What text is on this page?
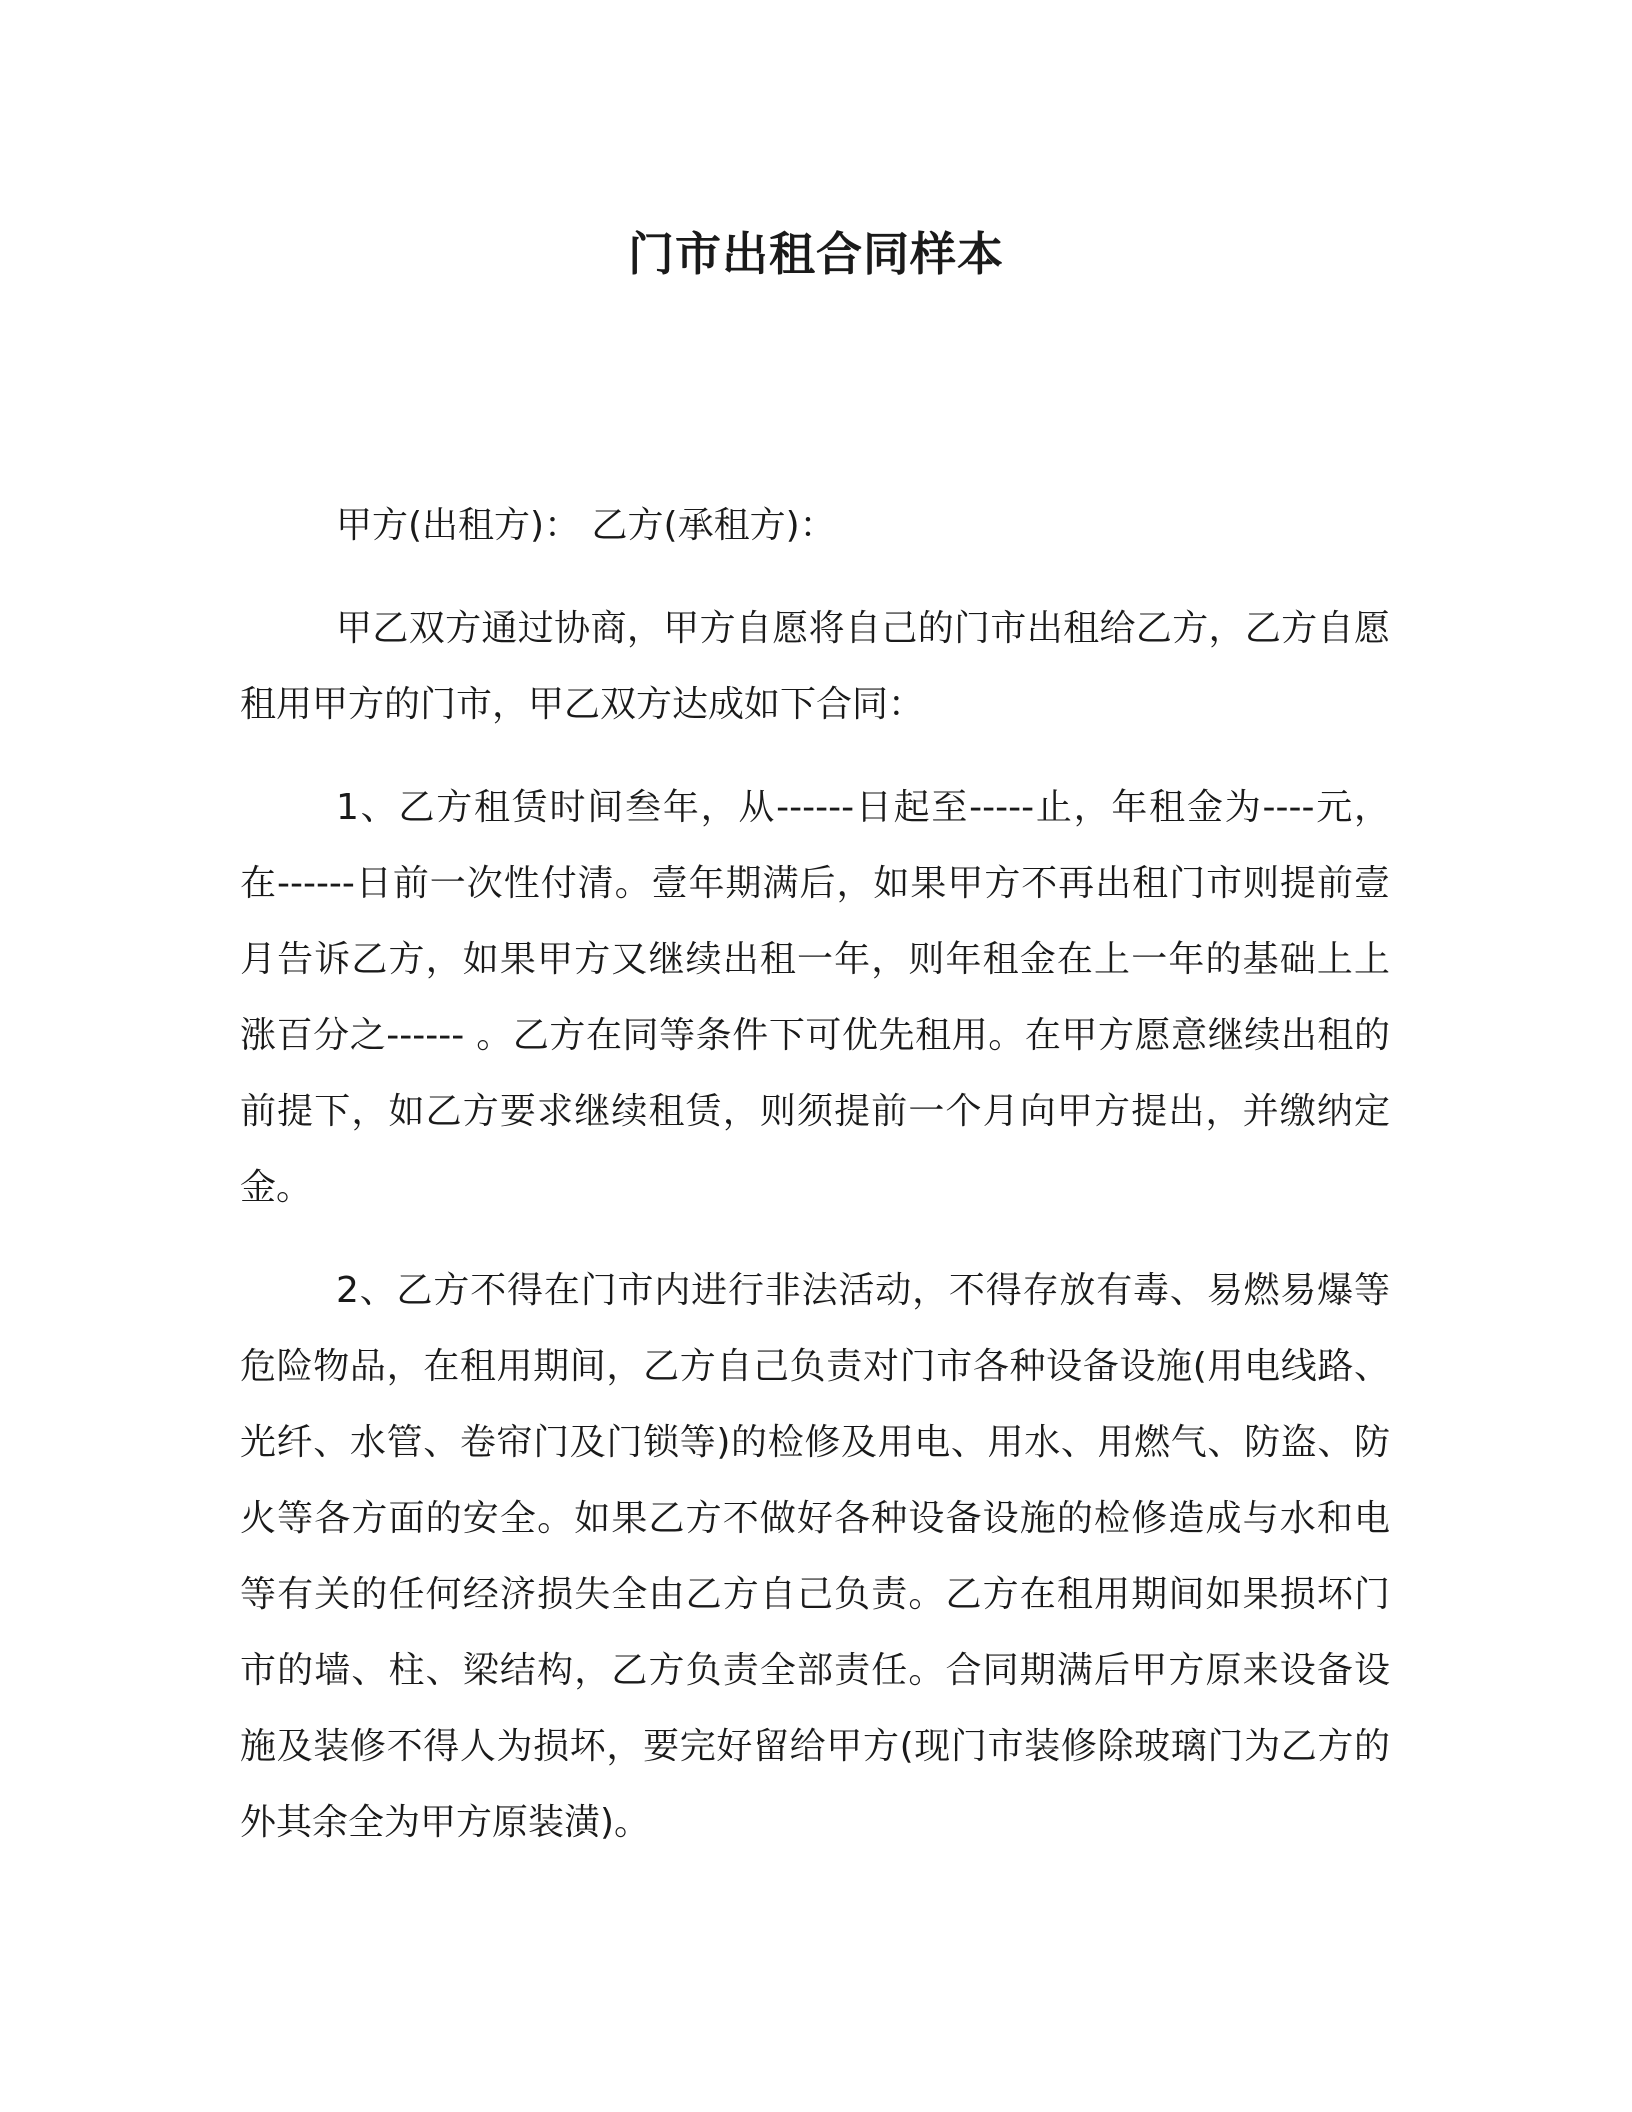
门市出租合同样本

甲方(出租方)： 乙方(承租方)：

甲乙双方通过协商，甲方自愿将自己的门市出租给乙方，乙方自愿租用甲方的门市，甲乙双方达成如下合同：

1、乙方租赁时间叁年，从------日起至-----止，年租金为----元，在------日前一次性付清。壹年期满后，如果甲方不再出租门市则提前壹月告诉乙方，如果甲方又继续出租一年，则年租金在上一年的基础上上涨百分之------ 。乙方在同等条件下可优先租用。在甲方愿意继续出租的前提下，如乙方要求继续租赁，则须提前一个月向甲方提出，并缴纳定金。

2、乙方不得在门市内进行非法活动，不得存放有毒、易燃易爆等危险物品，在租用期间，乙方自己负责对门市各种设备设施(用电线路、光纤、水管、卷帘门及门锁等)的检修及用电、用水、用燃气、防盗、防火等各方面的安全。如果乙方不做好各种设备设施的检修造成与水和电等有关的任何经济损失全由乙方自己负责。乙方在租用期间如果损坏门市的墙、柱、梁结构，乙方负责全部责任。合同期满后甲方原来设备设施及装修不得人为损坏，要完好留给甲方(现门市装修除玻璃门为乙方的外其余全为甲方原装潢)。
